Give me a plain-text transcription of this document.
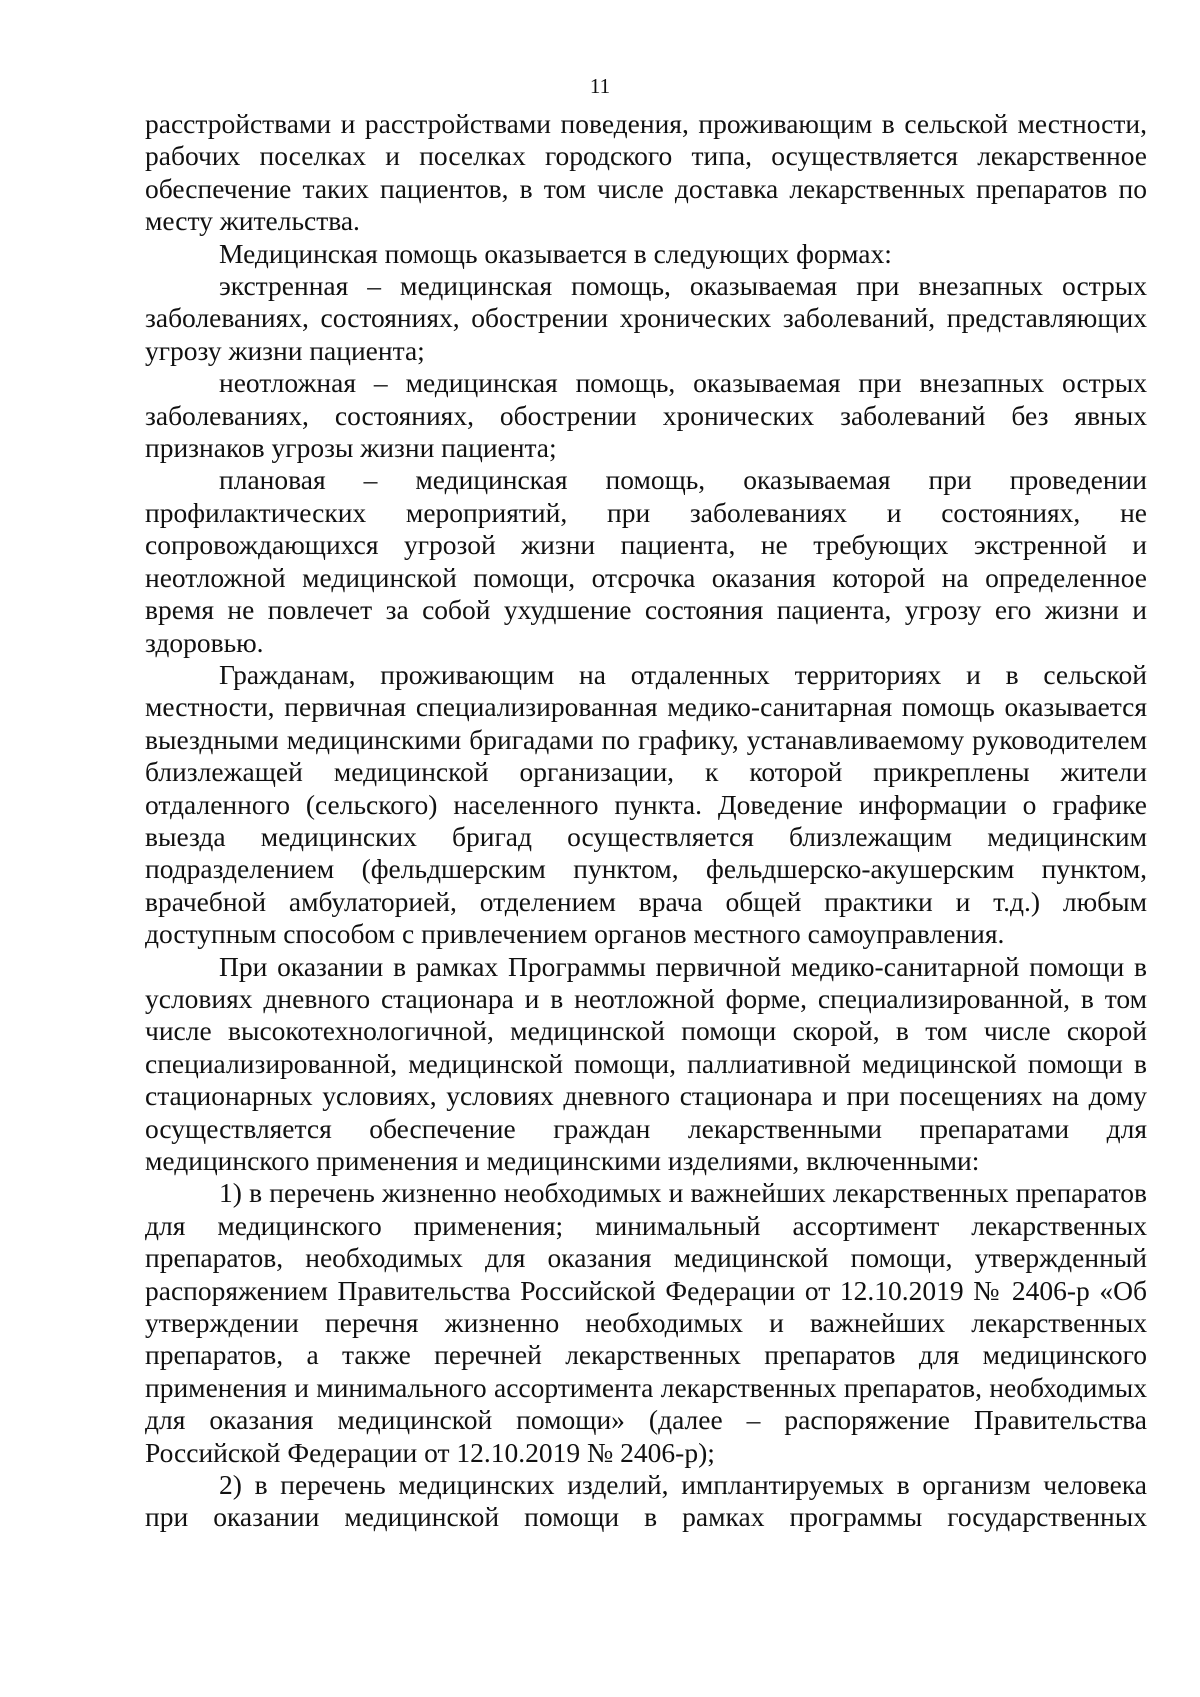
11

расстройствами и расстройствами поведения, проживающим в сельской местности, рабочих поселках и поселках городского типа, осуществляется лекарственное обеспечение таких пациентов, в том числе доставка лекарственных препаратов по месту жительства.

Медицинская помощь оказывается в следующих формах:

экстренная – медицинская помощь, оказываемая при внезапных острых заболеваниях, состояниях, обострении хронических заболеваний, представляющих угрозу жизни пациента;

неотложная – медицинская помощь, оказываемая при внезапных острых заболеваниях, состояниях, обострении хронических заболеваний без явных признаков угрозы жизни пациента;

плановая – медицинская помощь, оказываемая при проведении профилактических мероприятий, при заболеваниях и состояниях, не сопровождающихся угрозой жизни пациента, не требующих экстренной и неотложной медицинской помощи, отсрочка оказания которой на определенное время не повлечет за собой ухудшение состояния пациента, угрозу его жизни и здоровью.

Гражданам, проживающим на отдаленных территориях и в сельской местности, первичная специализированная медико-санитарная помощь оказывается выездными медицинскими бригадами по графику, устанавливаемому руководителем близлежащей медицинской организации, к которой прикреплены жители отдаленного (сельского) населенного пункта. Доведение информации о графике выезда медицинских бригад осуществляется близлежащим медицинским подразделением (фельдшерским пунктом, фельдшерско-акушерским пунктом, врачебной амбулаторией, отделением врача общей практики и т.д.) любым доступным способом с привлечением органов местного самоуправления.

При оказании в рамках Программы первичной медико-санитарной помощи в условиях дневного стационара и в неотложной форме, специализированной, в том числе высокотехнологичной, медицинской помощи скорой, в том числе скорой специализированной, медицинской помощи, паллиативной медицинской помощи в стационарных условиях, условиях дневного стационара и при посещениях на дому осуществляется обеспечение граждан лекарственными препаратами для медицинского применения и медицинскими изделиями, включенными:

1) в перечень жизненно необходимых и важнейших лекарственных препаратов для медицинского применения; минимальный ассортимент лекарственных препаратов, необходимых для оказания медицинской помощи, утвержденный распоряжением Правительства Российской Федерации от 12.10.2019 № 2406-р «Об утверждении перечня жизненно необходимых и важнейших лекарственных препаратов, а также перечней лекарственных препаратов для медицинского применения и минимального ассортимента лекарственных препаратов, необходимых для оказания медицинской помощи» (далее – распоряжение Правительства Российской Федерации от 12.10.2019 № 2406-р);

2) в перечень медицинских изделий, имплантируемых в организм человека при оказании медицинской помощи в рамках программы государственных
